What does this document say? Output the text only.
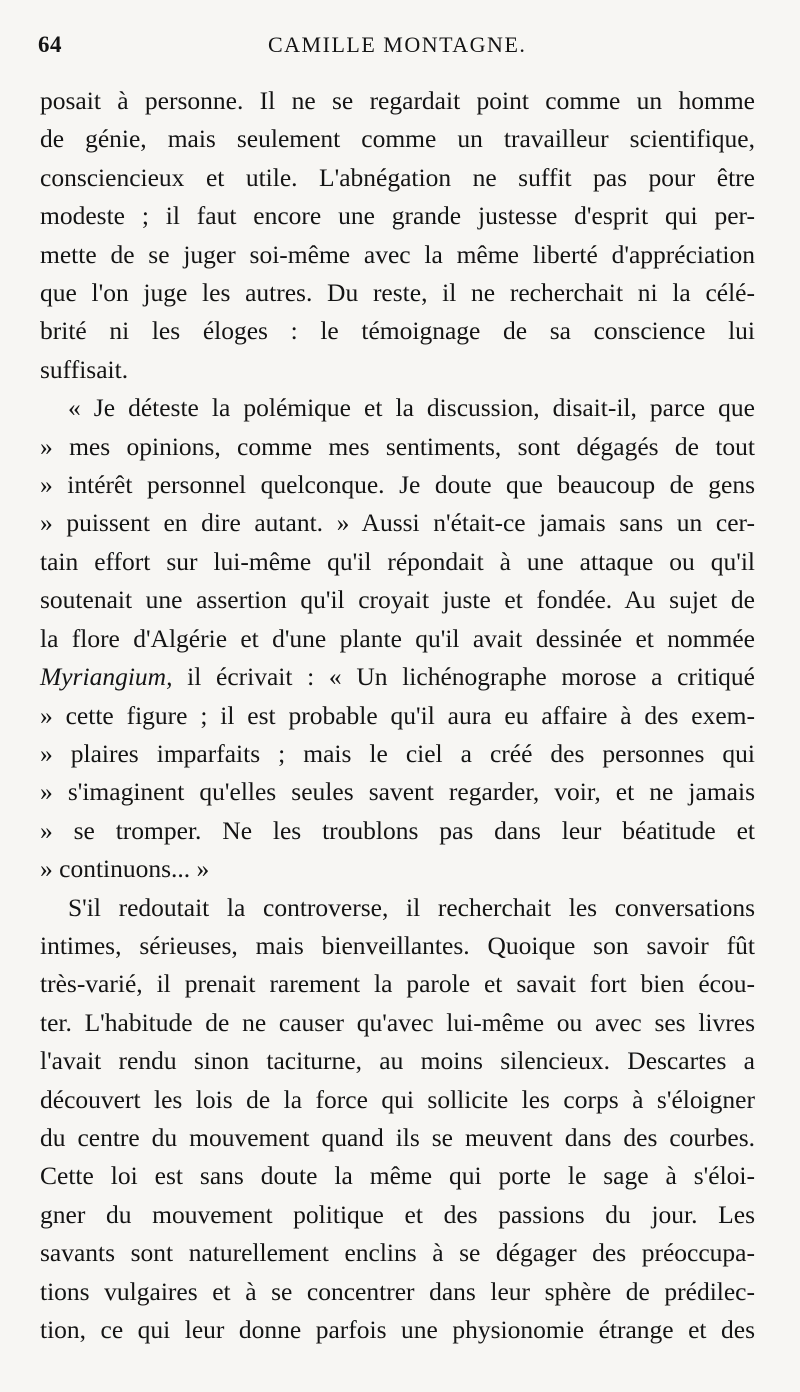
64	CAMILLE MONTAGNE.

posait à personne. Il ne se regardait point comme un homme
de génie, mais seulement comme un travailleur scientifique,
consciencieux et utile. L'abnégation ne suffit pas pour être
modeste ; il faut encore une grande justesse d'esprit qui per-
mette de se juger soi-même avec la même liberté d'appréciation
que l'on juge les autres. Du reste, il ne recherchait ni la célé-
brité ni les éloges : le témoignage de sa conscience lui
suffisait.

« Je déteste la polémique et la discussion, disait-il, parce que
» mes opinions, comme mes sentiments, sont dégagés de tout
» intérêt personnel quelconque. Je doute que beaucoup de gens
» puissent en dire autant. » Aussi n'était-ce jamais sans un cer-
tain effort sur lui-même qu'il répondait à une attaque ou qu'il
soutenait une assertion qu'il croyait juste et fondée. Au sujet de
la flore d'Algérie et d'une plante qu'il avait dessinée et nommée
Myriangium, il écrivait : « Un lichénographe morose a critiqué
» cette figure ; il est probable qu'il aura eu affaire à des exem-
» plaires imparfaits ; mais le ciel a créé des personnes qui
» s'imaginent qu'elles seules savent regarder, voir, et ne jamais
» se tromper. Ne les troublons pas dans leur béatitude et
» continuons... »

S'il redoutait la controverse, il recherchait les conversations
intimes, sérieuses, mais bienveillantes. Quoique son savoir fût
très-varié, il prenait rarement la parole et savait fort bien écou-
ter. L'habitude de ne causer qu'avec lui-même ou avec ses livres
l'avait rendu sinon taciturne, au moins silencieux. Descartes a
découvert les lois de la force qui sollicite les corps à s'éloigner
du centre du mouvement quand ils se meuvent dans des courbes.
Cette loi est sans doute la même qui porte le sage à s'éloi-
gner du mouvement politique et des passions du jour. Les
savants sont naturellement enclins à se dégager des préoccupa-
tions vulgaires et à se concentrer dans leur sphère de prédilec-
tion, ce qui leur donne parfois une physionomie étrange et des
